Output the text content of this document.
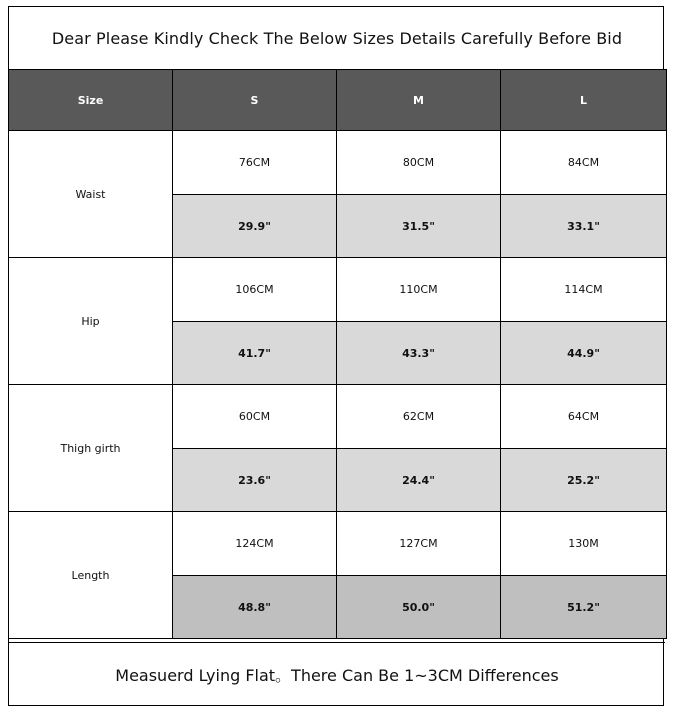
Dear Please Kindly Check The Below Sizes Details Carefully Before Bid
Size	S	M	L
Waist	76CM	80CM	84CM
	29.9"	31.5"	33.1"
Hip	106CM	110CM	114CM
	41.7"	43.3"	44.9"
Thigh girth	60CM	62CM	64CM
	23.6"	24.4"	25.2"
Length	124CM	127CM	130M
	48.8"	50.0"	51.2"
Measuerd Lying Flat。There Can Be 1~3CM Differences
